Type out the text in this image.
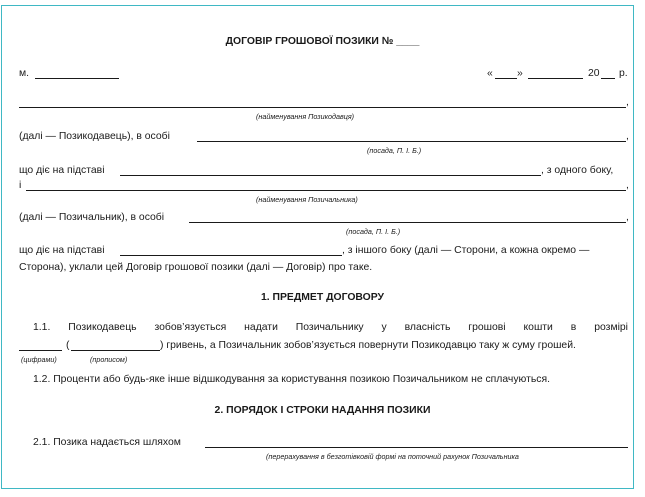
ДОГОВІР ГРОШОВОЇ ПОЗИКИ № ____
м.	« »	20 р.
,
(найменування Позикодавця)
(далі — Позикодавець), в особі	,
(посада, П. І. Б.)
що діє на підставі	, з одного боку,
і	,
(найменування Позичальника)
(далі — Позичальник), в особі	,
(посада, П. І. Б.)
що діє на підставі	, з іншого боку (далі — Сторони, а кожна окремо —
Сторона), уклали цей Договір грошової позики (далі — Договір) про таке.
1. ПРЕДМЕТ ДОГОВОРУ
1.1. Позикодавець зобов’язується надати Позичальнику у власність грошові кошти в розмірі
(	) гривень, а Позичальник зобов’язується повернути Позикодавцю таку ж суму грошей.
(цифрами)	(прописом)
1.2. Проценти або будь-яке інше відшкодування за користування позикою Позичальником не сплачуються.
2. ПОРЯДОК І СТРОКИ НАДАННЯ ПОЗИКИ
2.1. Позика надається шляхом
(перерахування в безготівковій формі на поточний рахунок Позичальника
